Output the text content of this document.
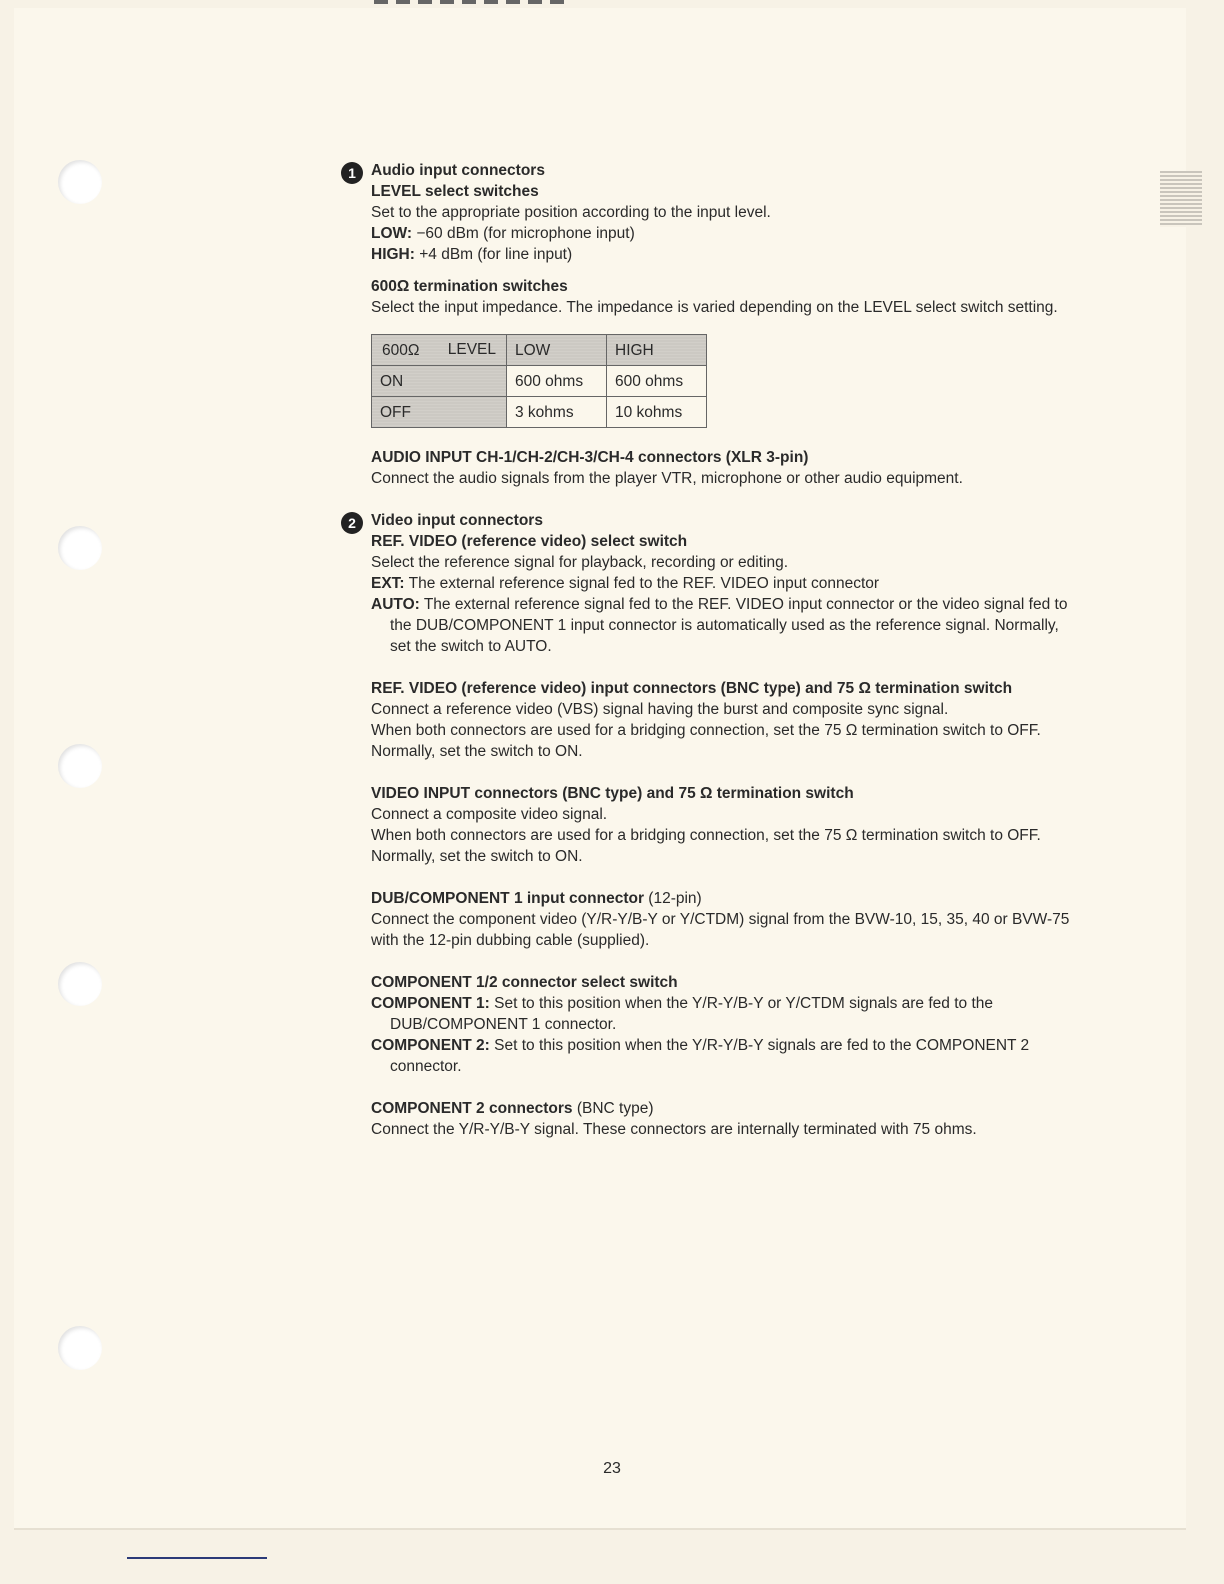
1 Audio input connectors
LEVEL select switches
Set to the appropriate position according to the input level.
LOW: −60 dBm (for microphone input)
HIGH: +4 dBm (for line input)
600Ω termination switches
Select the input impedance. The impedance is varied depending on the LEVEL select switch setting.
LEVEL
600Ω	LOW	HIGH
ON	600 ohms	600 ohms
OFF	3 kohms	10 kohms
AUDIO INPUT CH-1/CH-2/CH-3/CH-4 connectors (XLR 3-pin)
Connect the audio signals from the player VTR, microphone or other audio equipment.
2 Video input connectors
REF. VIDEO (reference video) select switch
Select the reference signal for playback, recording or editing.
EXT: The external reference signal fed to the REF. VIDEO input connector
AUTO: The external reference signal fed to the REF. VIDEO input connector or the video signal fed to the DUB/COMPONENT 1 input connector is automatically used as the reference signal. Normally, set the switch to AUTO.
REF. VIDEO (reference video) input connectors (BNC type) and 75 Ω termination switch
Connect a reference video (VBS) signal having the burst and composite sync signal.
When both connectors are used for a bridging connection, set the 75 Ω termination switch to OFF. Normally, set the switch to ON.
VIDEO INPUT connectors (BNC type) and 75 Ω termination switch
Connect a composite video signal.
When both connectors are used for a bridging connection, set the 75 Ω termination switch to OFF. Normally, set the switch to ON.
DUB/COMPONENT 1 input connector (12-pin)
Connect the component video (Y/R-Y/B-Y or Y/CTDM) signal from the BVW-10, 15, 35, 40 or BVW-75 with the 12-pin dubbing cable (supplied).
COMPONENT 1/2 connector select switch
COMPONENT 1: Set to this position when the Y/R-Y/B-Y or Y/CTDM signals are fed to the DUB/COMPONENT 1 connector.
COMPONENT 2: Set to this position when the Y/R-Y/B-Y signals are fed to the COMPONENT 2 connector.
COMPONENT 2 connectors (BNC type)
Connect the Y/R-Y/B-Y signal. These connectors are internally terminated with 75 ohms.
23
